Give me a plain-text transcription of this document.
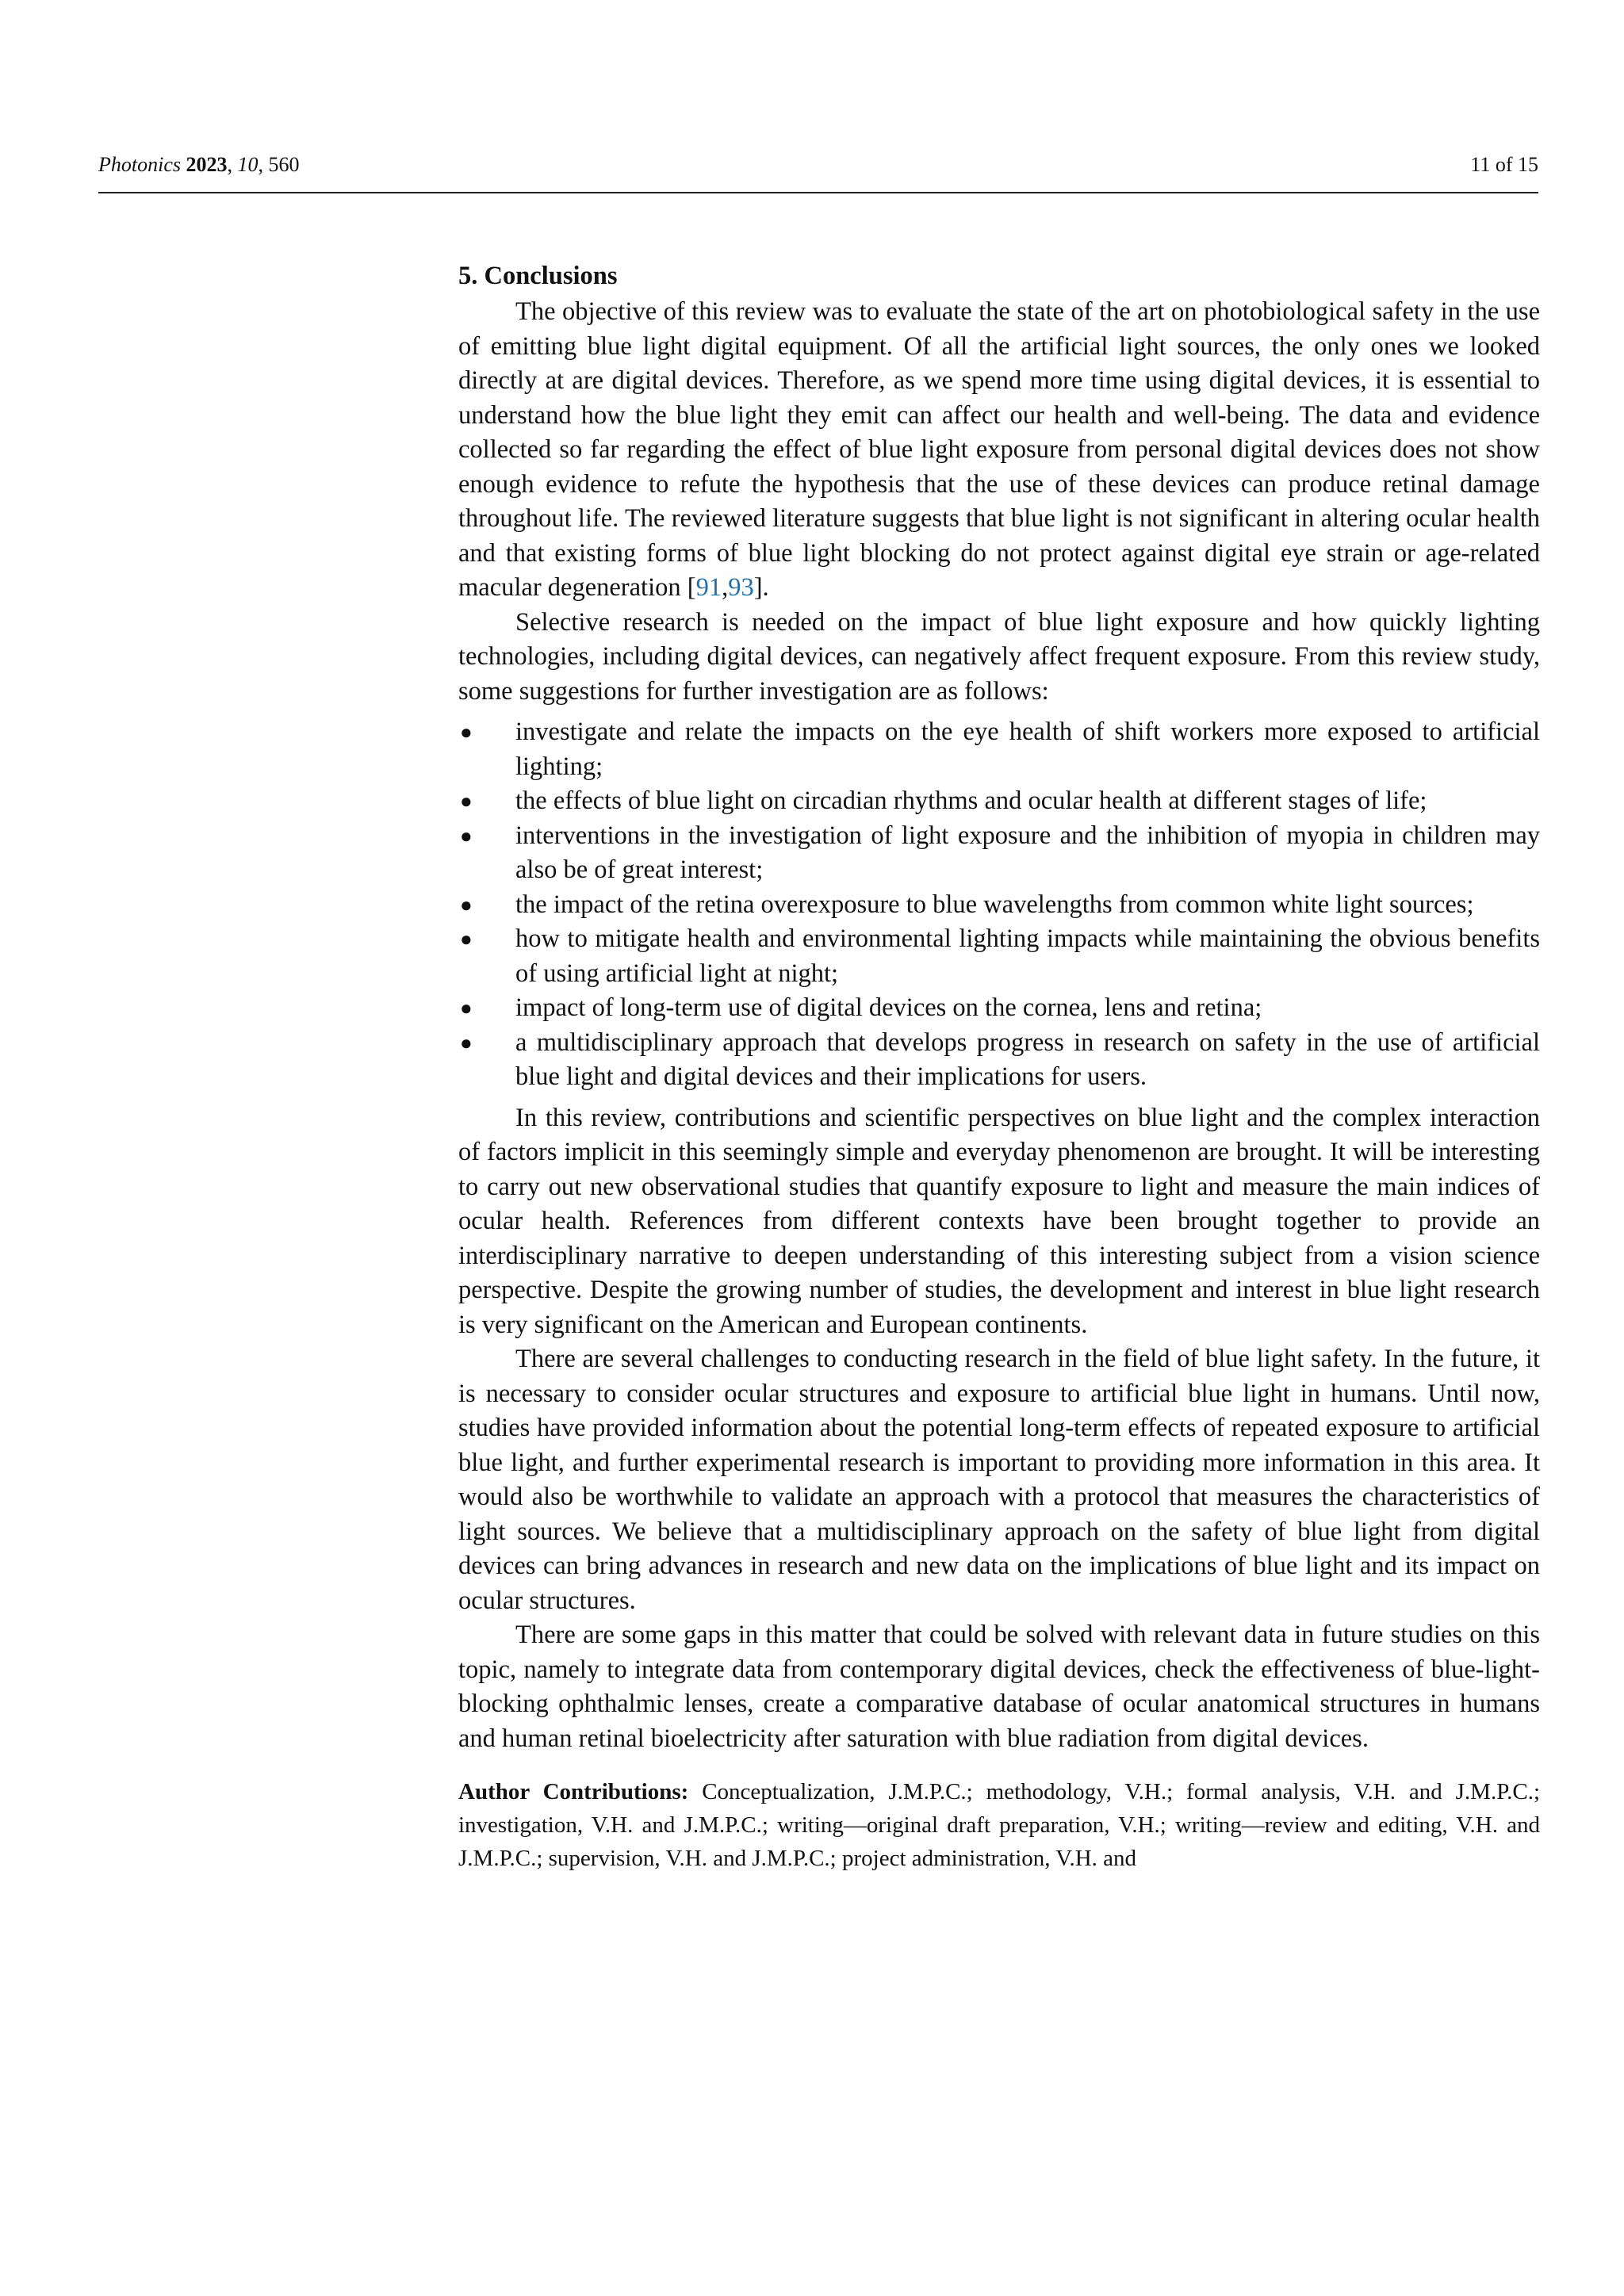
Photonics 2023, 10, 560	11 of 15
5. Conclusions

The objective of this review was to evaluate the state of the art on photobiological safety in the use of emitting blue light digital equipment. Of all the artificial light sources, the only ones we looked directly at are digital devices. Therefore, as we spend more time using digital devices, it is essential to understand how the blue light they emit can affect our health and well-being. The data and evidence collected so far regarding the effect of blue light exposure from personal digital devices does not show enough evidence to refute the hypothesis that the use of these devices can produce retinal damage throughout life. The reviewed literature suggests that blue light is not significant in altering ocular health and that existing forms of blue light blocking do not protect against digital eye strain or age-related macular degeneration [91,93].

Selective research is needed on the impact of blue light exposure and how quickly lighting technologies, including digital devices, can negatively affect frequent exposure. From this review study, some suggestions for further investigation are as follows:

● investigate and relate the impacts on the eye health of shift workers more exposed to artificial lighting;
● the effects of blue light on circadian rhythms and ocular health at different stages of life;
● interventions in the investigation of light exposure and the inhibition of myopia in children may also be of great interest;
● the impact of the retina overexposure to blue wavelengths from common white light sources;
● how to mitigate health and environmental lighting impacts while maintaining the obvious benefits of using artificial light at night;
● impact of long-term use of digital devices on the cornea, lens and retina;
● a multidisciplinary approach that develops progress in research on safety in the use of artificial blue light and digital devices and their implications for users.

In this review, contributions and scientific perspectives on blue light and the complex interaction of factors implicit in this seemingly simple and everyday phenomenon are brought. It will be interesting to carry out new observational studies that quantify exposure to light and measure the main indices of ocular health. References from different contexts have been brought together to provide an interdisciplinary narrative to deepen understanding of this interesting subject from a vision science perspective. Despite the growing number of studies, the development and interest in blue light research is very significant on the American and European continents.

There are several challenges to conducting research in the field of blue light safety. In the future, it is necessary to consider ocular structures and exposure to artificial blue light in humans. Until now, studies have provided information about the potential long-term effects of repeated exposure to artificial blue light, and further experimental research is important to providing more information in this area. It would also be worthwhile to validate an approach with a protocol that measures the characteristics of light sources. We believe that a multidisciplinary approach on the safety of blue light from digital devices can bring advances in research and new data on the implications of blue light and its impact on ocular structures.

There are some gaps in this matter that could be solved with relevant data in future studies on this topic, namely to integrate data from contemporary digital devices, check the effectiveness of blue-light-blocking ophthalmic lenses, create a comparative database of ocular anatomical structures in humans and human retinal bioelectricity after saturation with blue radiation from digital devices.

Author Contributions: Conceptualization, J.M.P.C.; methodology, V.H.; formal analysis, V.H. and J.M.P.C.; investigation, V.H. and J.M.P.C.; writing—original draft preparation, V.H.; writing—review and editing, V.H. and J.M.P.C.; supervision, V.H. and J.M.P.C.; project administration, V.H. and
